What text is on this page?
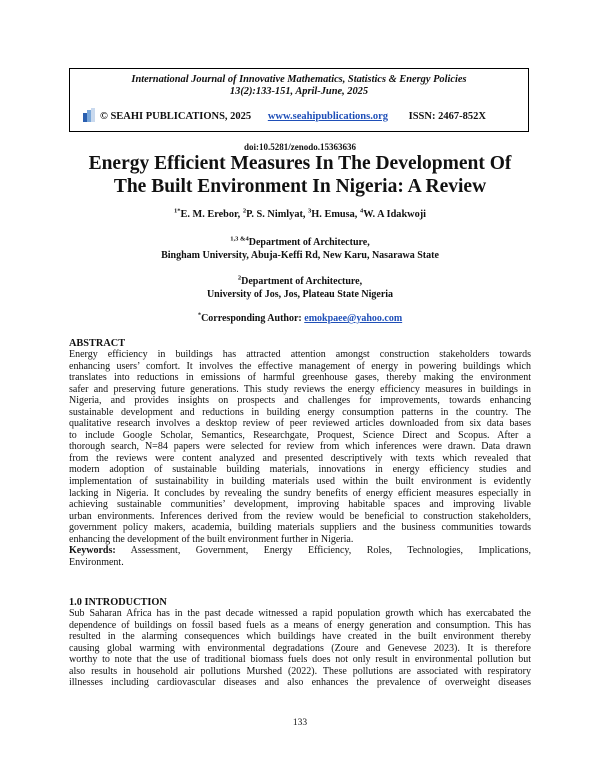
International Journal of Innovative Mathematics, Statistics & Energy Policies
13(2):133-151, April-June, 2025
© SEAHI PUBLICATIONS, 2025 www.seahipublications.org ISSN: 2467-852X
doi:10.5281/zenodo.15363636
Energy Efficient Measures In The Development Of
The Built Environment In Nigeria: A Review
$^{1*}$E. M. Erebor, $^2$P. S. Nimlyat, $^3$H. Emusa, $^4$W. A Idakwoji
$^{1,3 \&4}$Department of Architecture,
Bingham University, Abuja-Keffi Rd, New Karu, Nasarawa State
$^2$Department of Architecture,
University of Jos, Jos, Plateau State Nigeria
*Corresponding Author: emokpaee@yahoo.com
ABSTRACT
Energy efficiency in buildings has attracted attention amongst construction stakeholders towards
enhancing users’ comfort. It involves the effective management of energy in powering buildings which
translates into reductions in emissions of harmful greenhouse gases, thereby making the environment
safer and preserving future generations. This study reviews the energy efficiency measures in buildings in
Nigeria, and provides insights on prospects and challenges for improvements, towards enhancing
sustainable development and reductions in building energy consumption patterns in the country. The
qualitative research involves a desktop review of peer reviewed articles downloaded from six data bases
to include Google Scholar, Semantics, Researchgate, Proquest, Science Direct and Scopus. After a
thorough search, N=84 papers were selected for review from which inferences were drawn. Data drawn
from the reviews were content analyzed and presented descriptively with texts which revealed that
modern adoption of sustainable building materials, innovations in energy efficiency studies and
implementation of sustainability in building materials used within the built environment is evidently
lacking in Nigeria. It concludes by revealing the sundry benefits of energy efficient measures especially in
achieving sustainable communities’ development, improving habitable spaces and improving livable
urban environments. Inferences derived from the review would be beneficial to construction stakeholders,
government policy makers, academia, building materials suppliers and the business communities towards
enhancing the development of the built environment further in Nigeria.
Keywords: Assessment, Government, Energy Efficiency, Roles, Technologies, Implications,
Environment.
1.0 INTRODUCTION
Sub Saharan Africa has in the past decade witnessed a rapid population growth which has exercabated the
dependence of buildings on fossil based fuels as a means of energy generation and consumption. This has
resulted in the alarming consequences which buildings have created in the built environment thereby
causing global warming with environmental degradations (Zoure and Genevese 2023). It is therefore
worthy to note that the use of traditional biomass fuels does not only result in environmental pollution but
also results in household air pollutions Murshed (2022). These pollutions are associated with respiratory
illnesses including cardiovascular diseases and also enhances the prevalence of overweight diseases
133
